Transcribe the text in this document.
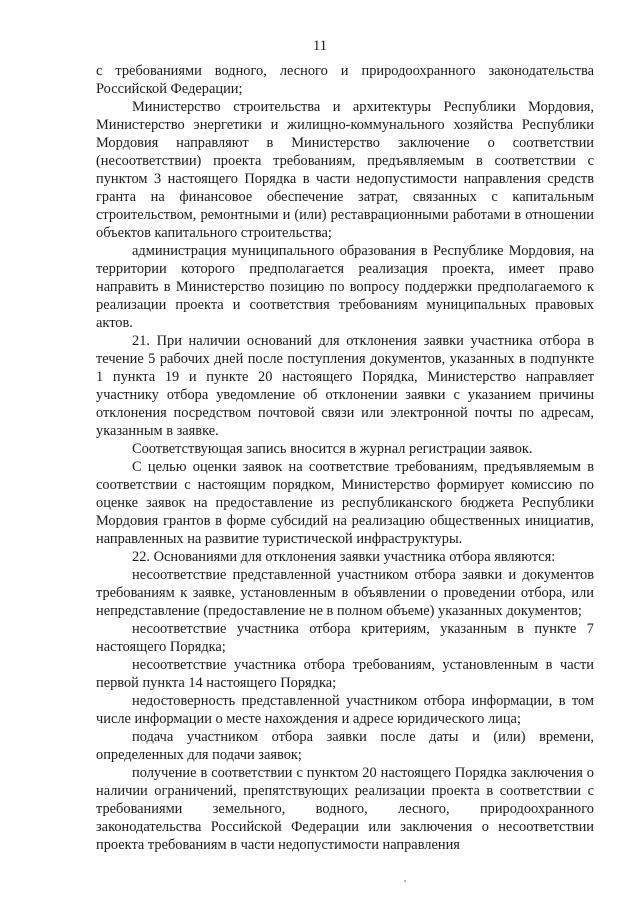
11

с требованиями водного, лесного и природоохранного законодательства Российской Федерации;

Министерство строительства и архитектуры Республики Мордовия, Министерство энергетики и жилищно-коммунального хозяйства Республики Мордовия направляют в Министерство заключение о соответствии (несоответствии) проекта требованиям, предъявляемым в соответствии с пунктом 3 настоящего Порядка в части недопустимости направления средств гранта на финансовое обеспечение затрат, связанных с капитальным строительством, ремонтными и (или) реставрационными работами в отношении объектов капитального строительства;

администрация муниципального образования в Республике Мордовия, на территории которого предполагается реализация проекта, имеет право направить в Министерство позицию по вопросу поддержки предполагаемого к реализации проекта и соответствия требованиям муниципальных правовых актов.

21. При наличии оснований для отклонения заявки участника отбора в течение 5 рабочих дней после поступления документов, указанных в подпункте 1 пункта 19 и пункте 20 настоящего Порядка, Министерство направляет участнику отбора уведомление об отклонении заявки с указанием причины отклонения посредством почтовой связи или электронной почты по адресам, указанным в заявке.

Соответствующая запись вносится в журнал регистрации заявок.

С целью оценки заявок на соответствие требованиям, предъявляемым в соответствии с настоящим порядком, Министерство формирует комиссию по оценке заявок на предоставление из республиканского бюджета Республики Мордовия грантов в форме субсидий на реализацию общественных инициатив, направленных на развитие туристической инфраструктуры.

22. Основаниями для отклонения заявки участника отбора являются:

несоответствие представленной участником отбора заявки и документов требованиям к заявке, установленным в объявлении о проведении отбора, или непредставление (предоставление не в полном объеме) указанных документов;

несоответствие участника отбора критериям, указанным в пункте 7 настоящего Порядка;

несоответствие участника отбора требованиям, установленным в части первой пункта 14 настоящего Порядка;

недостоверность представленной участником отбора информации, в том числе информации о месте нахождения и адресе юридического лица;

подача участником отбора заявки после даты и (или) времени, определенных для подачи заявок;

получение в соответствии с пунктом 20 настоящего Порядка заключения о наличии ограничений, препятствующих реализации проекта в соответствии с требованиями земельного, водного, лесного, природоохранного законодательства Российской Федерации или заключения о несоответствии проекта требованиям в части недопустимости направления
